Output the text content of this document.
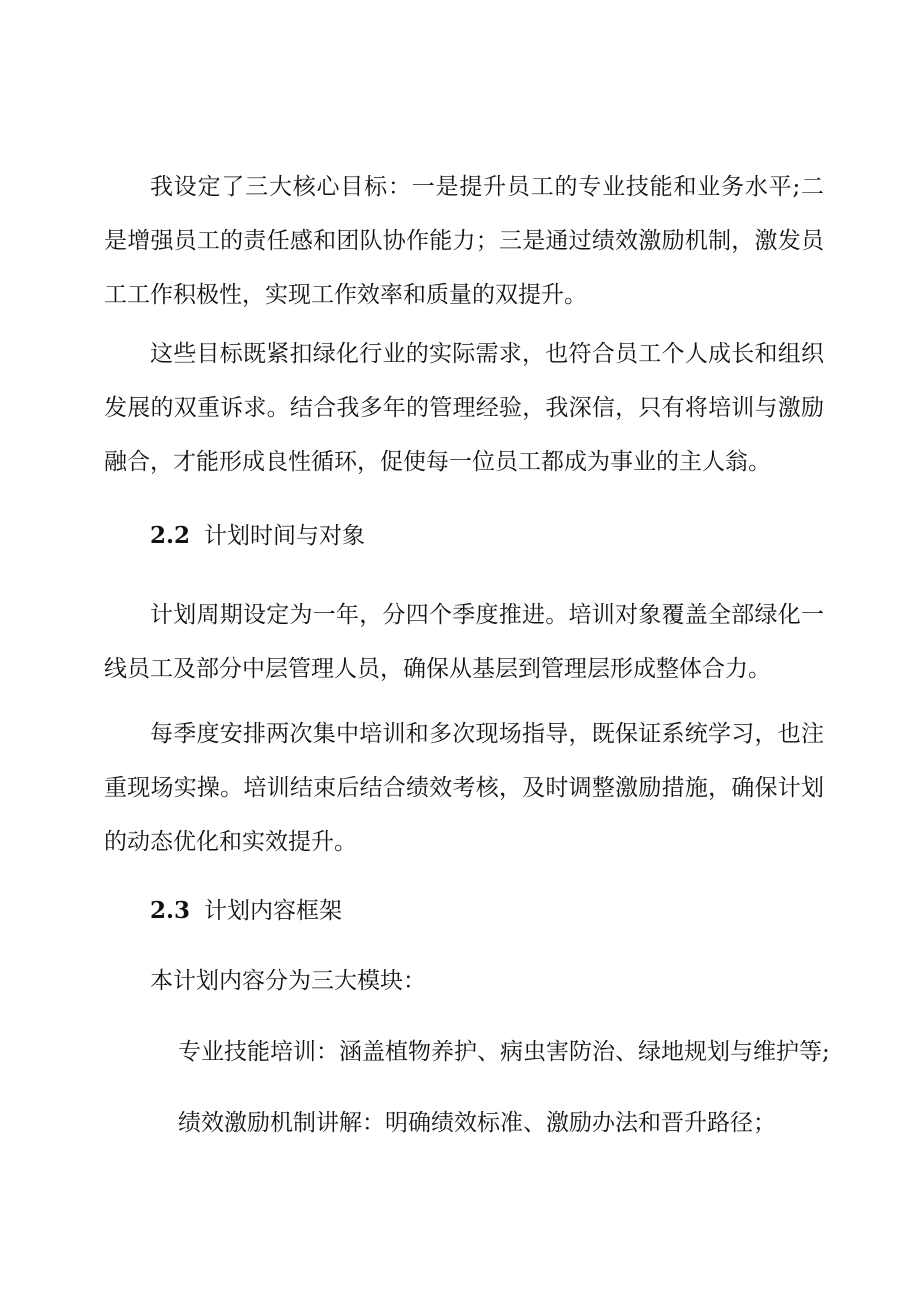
我设定了三大核心目标：一是提升员工的专业技能和业务水平;二是增强员工的责任感和团队协作能力；三是通过绩效激励机制，激发员工工作积极性，实现工作效率和质量的双提升。

这些目标既紧扣绿化行业的实际需求，也符合员工个人成长和组织发展的双重诉求。结合我多年的管理经验，我深信，只有将培训与激励融合，才能形成良性循环，促使每一位员工都成为事业的主人翁。

2.2 计划时间与对象

计划周期设定为一年，分四个季度推进。培训对象覆盖全部绿化一线员工及部分中层管理人员，确保从基层到管理层形成整体合力。

每季度安排两次集中培训和多次现场指导，既保证系统学习，也注重现场实操。培训结束后结合绩效考核，及时调整激励措施，确保计划的动态优化和实效提升。

2.3 计划内容框架

本计划内容分为三大模块：

专业技能培训：涵盖植物养护、病虫害防治、绿地规划与维护等;

绩效激励机制讲解：明确绩效标准、激励办法和晋升路径；
